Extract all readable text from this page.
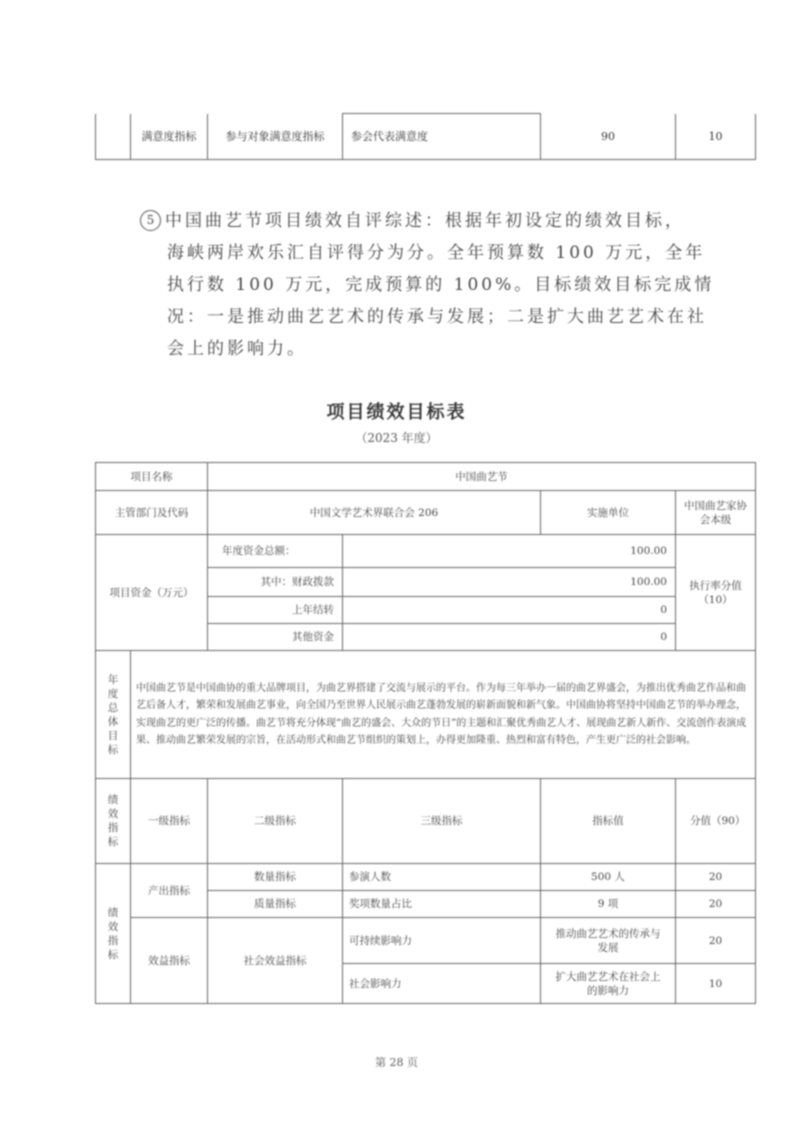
	满意度指标	参与对象满意度指标	参会代表满意度	90	10
5 中国曲艺节项目绩效自评综述：根据年初设定的绩效目标，
海峡两岸欢乐汇自评得分为分。全年预算数 100 万元，全年执行数 100 万元，完成预算的 100%。目标绩效目标完成情况：一是推动曲艺艺术的传承与发展；二是扩大曲艺艺术在社会上的影响力。
项目绩效目标表
（2023 年度）
项目名称		中国曲艺节			
主管部门及代码		中国文学艺术界联合会 206		实施单位	中国曲艺家协会本级
项目资金（万元）		年度资金总额：	100.00		执行率分值（10）
		其中：财政拨款	100.00		
		上年结转	0		
		其他资金	0		

年度总体目标	中国曲艺节是中国曲协的重大品牌项目，为曲艺界搭建了交流与展示的平台。作为每三年举办一届的曲艺界盛会，为推出优秀曲艺作品和曲艺后备人才，繁荣和发展曲艺事业，向全国乃至世界人民展示曲艺蓬勃发展的崭新面貌和新气象。中国曲协将坚持中国曲艺节的举办理念，实现曲艺的更广泛的传播。曲艺节将充分体现“曲艺的盛会、大众的节日”的主题和汇聚优秀曲艺人才、展现曲艺新人新作、交流创作表演成果、推动曲艺繁荣发展的宗旨，在活动形式和曲艺节组织的策划上，办得更加隆重、热烈和富有特色，产生更广泛的社会影响。				

绩效指标	一级指标	二级指标	三级指标	指标值	分值（90）

绩效指标	产出指标	数量指标	参演人数	500 人	20
		质量指标	奖项数量占比	9 项	20
	效益指标	社会效益指标	可持续影响力	推动曲艺艺术的传承与发展	20
			社会影响力	扩大曲艺艺术在社会上的影响力	10
第 28 页
